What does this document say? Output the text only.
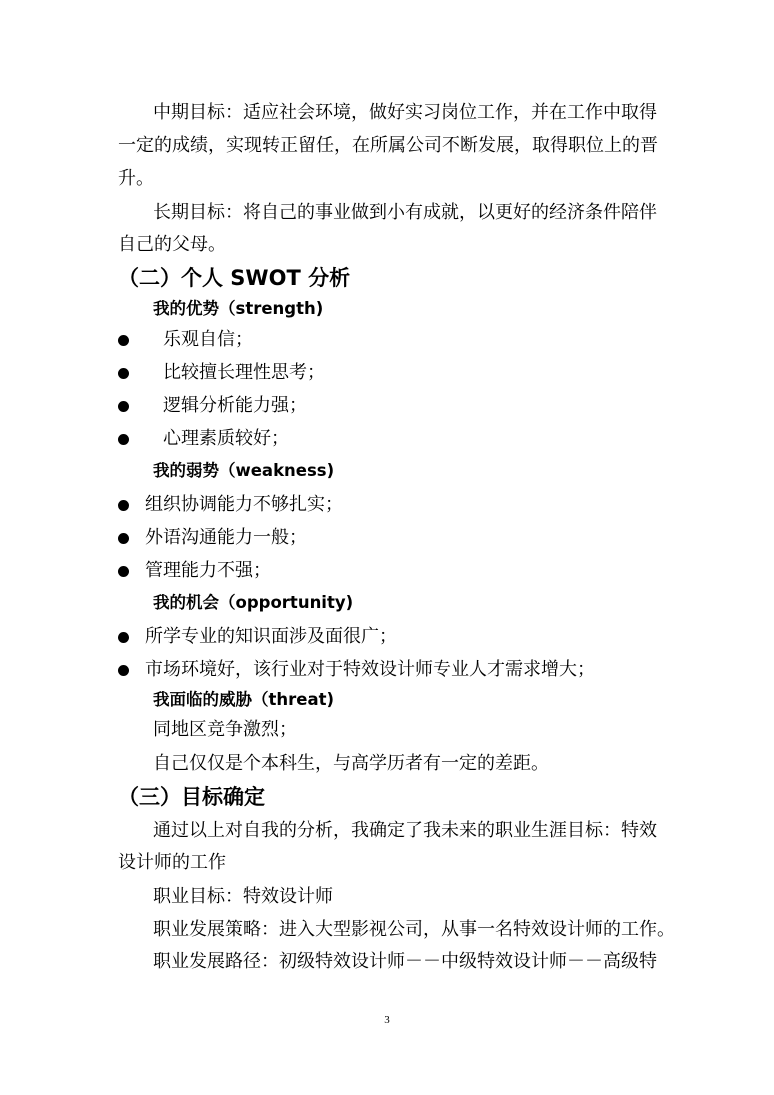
中期目标：适应社会环境，做好实习岗位工作，并在工作中取得
一定的成绩，实现转正留任，在所属公司不断发展，取得职位上的晋
升。
长期目标：将自己的事业做到小有成就，以更好的经济条件陪伴
自己的父母。
（二）个人 SWOT 分析
我的优势（strength)
乐观自信；
比较擅长理性思考；
逻辑分析能力强；
心理素质较好；
我的弱势（weakness)
组织协调能力不够扎实；
外语沟通能力一般；
管理能力不强；
我的机会（opportunity)
所学专业的知识面涉及面很广；
市场环境好，该行业对于特效设计师专业人才需求增大；
我面临的威胁（threat)
同地区竞争激烈；
自己仅仅是个本科生，与高学历者有一定的差距。
（三）目标确定
通过以上对自我的分析，我确定了我未来的职业生涯目标：特效
设计师的工作
职业目标：特效设计师
职业发展策略：进入大型影视公司，从事一名特效设计师的工作。
职业发展路径：初级特效设计师－－中级特效设计师－－高级特
3
